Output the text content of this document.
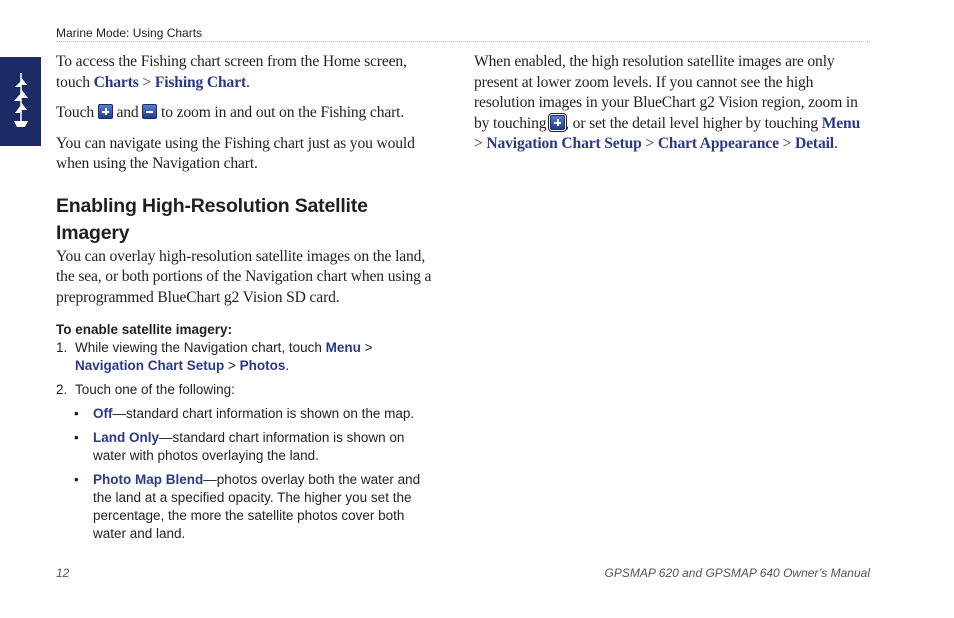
Marine Mode: Using Charts

To access the Fishing chart screen from the Home screen, touch Charts > Fishing Chart.

Touch  and  to zoom in and out on the Fishing chart.

You can navigate using the Fishing chart just as you would when using the Navigation chart.

Enabling High-Resolution Satellite Imagery

You can overlay high-resolution satellite images on the land, the sea, or both portions of the Navigation chart when using a preprogrammed BlueChart g2 Vision SD card.

To enable satellite imagery:
1. While viewing the Navigation chart, touch Menu > Navigation Chart Setup > Photos.
2. Touch one of the following:
• Off—standard chart information is shown on the map.
• Land Only—standard chart information is shown on water with photos overlaying the land.
• Photo Map Blend—photos overlay both the water and the land at a specified opacity. The higher you set the percentage, the more the satellite photos cover both water and land.

When enabled, the high resolution satellite images are only present at lower zoom levels. If you cannot see the high resolution images in your BlueChart g2 Vision region, zoom in by touching , or set the detail level higher by touching Menu > Navigation Chart Setup > Chart Appearance > Detail.

12	GPSMAP 620 and GPSMAP 640 Owner’s Manual
